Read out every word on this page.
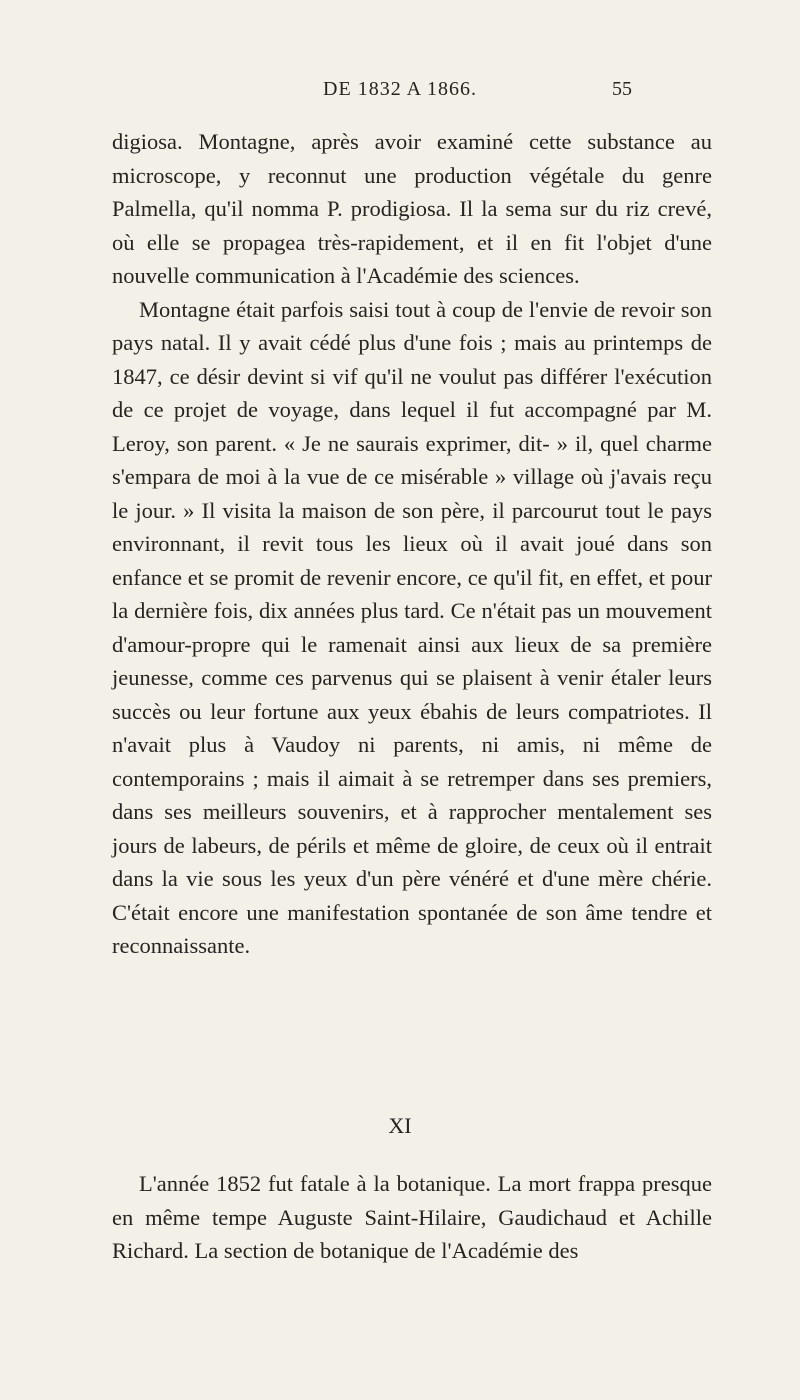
DE 1832 A 1866.	55

digiosa. Montagne, après avoir examiné cette substance au microscope, y reconnut une production végétale du genre Palmella, qu'il nomma P. prodigiosa. Il la sema sur du riz crevé, où elle se propagea très-rapidement, et il en fit l'objet d'une nouvelle communication à l'Académie des sciences.

Montagne était parfois saisi tout à coup de l'envie de revoir son pays natal. Il y avait cédé plus d'une fois ; mais au printemps de 1847, ce désir devint si vif qu'il ne voulut pas différer l'exécution de ce projet de voyage, dans lequel il fut accompagné par M. Leroy, son parent. « Je ne saurais exprimer, dit- » il, quel charme s'empara de moi à la vue de ce misérable » village où j'avais reçu le jour. » Il visita la maison de son père, il parcourut tout le pays environnant, il revit tous les lieux où il avait joué dans son enfance et se promit de revenir encore, ce qu'il fit, en effet, et pour la dernière fois, dix années plus tard. Ce n'était pas un mouvement d'amour-propre qui le ramenait ainsi aux lieux de sa première jeunesse, comme ces parvenus qui se plaisent à venir étaler leurs succès ou leur fortune aux yeux ébahis de leurs compatriotes. Il n'avait plus à Vaudoy ni parents, ni amis, ni même de contemporains ; mais il aimait à se retremper dans ses premiers, dans ses meilleurs souvenirs, et à rapprocher mentalement ses jours de labeurs, de périls et même de gloire, de ceux où il entrait dans la vie sous les yeux d'un père vénéré et d'une mère chérie. C'était encore une manifestation spontanée de son âme tendre et reconnaissante.

XI

L'année 1852 fut fatale à la botanique. La mort frappa presque en même tempe Auguste Saint-Hilaire, Gaudichaud et Achille Richard. La section de botanique de l'Académie des
